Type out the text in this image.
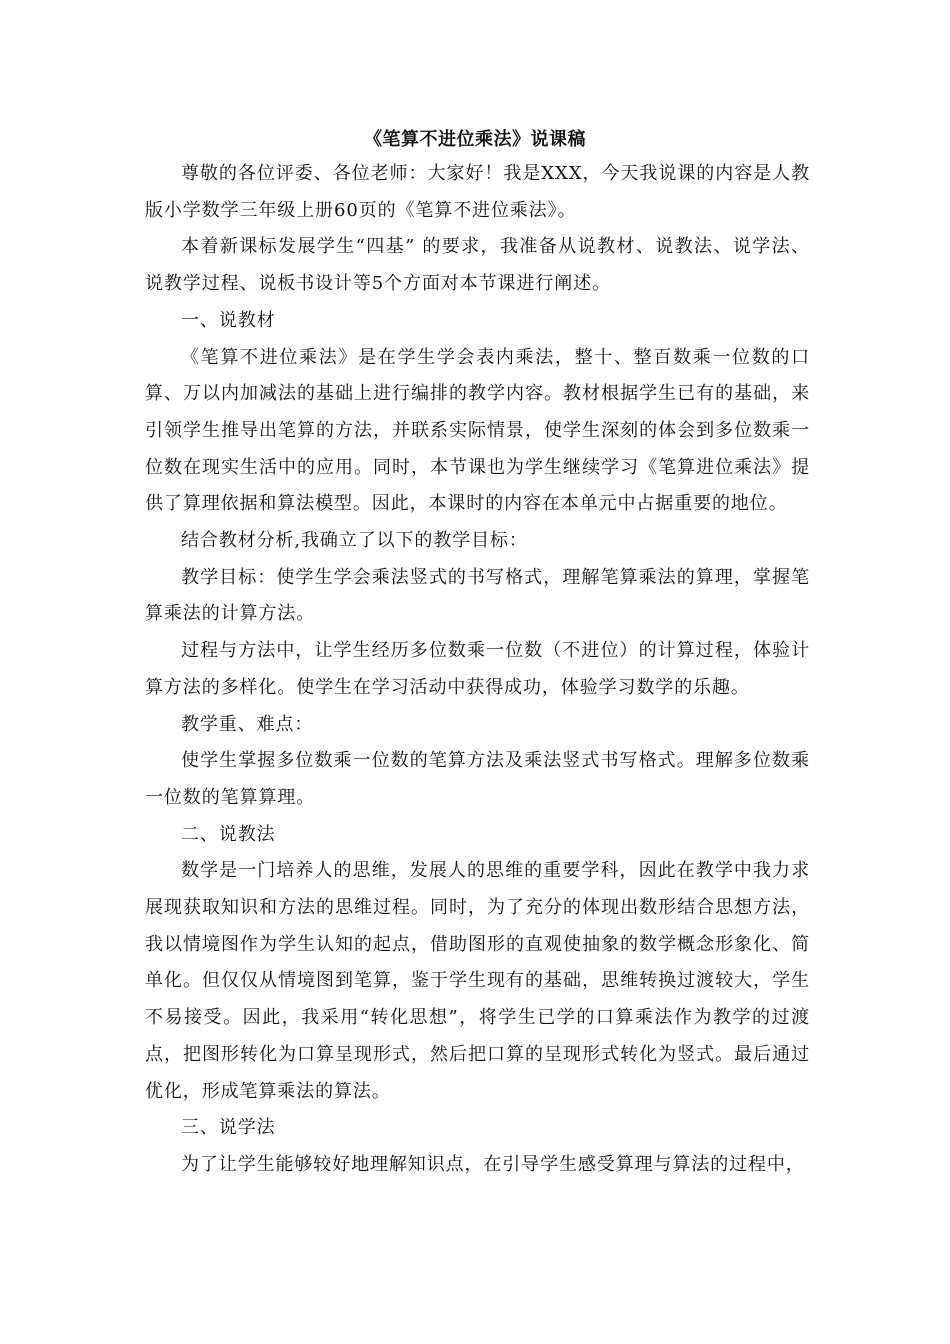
《笔算不进位乘法》说课稿

尊敬的各位评委、各位老师：大家好！我是XXX，今天我说课的内容是人教版小学数学三年级上册60页的《笔算不进位乘法》。

本着新课标发展学生“四基” 的要求，我准备从说教材、说教法、说学法、说教学过程、说板书设计等5个方面对本节课进行阐述。

一、说教材

《笔算不进位乘法》是在学生学会表内乘法，整十、整百数乘一位数的口算、万以内加减法的基础上进行编排的教学内容。教材根据学生已有的基础，来引领学生推导出笔算的方法，并联系实际情景，使学生深刻的体会到多位数乘一位数在现实生活中的应用。同时，本节课也为学生继续学习《笔算进位乘法》提供了算理依据和算法模型。因此，本课时的内容在本单元中占据重要的地位。

结合教材分析,我确立了以下的教学目标：

教学目标：使学生学会乘法竖式的书写格式，理解笔算乘法的算理，掌握笔算乘法的计算方法。

过程与方法中，让学生经历多位数乘一位数（不进位）的计算过程，体验计算方法的多样化。使学生在学习活动中获得成功，体验学习数学的乐趣。

教学重、难点：

使学生掌握多位数乘一位数的笔算方法及乘法竖式书写格式。理解多位数乘一位数的笔算算理。

二、说教法

数学是一门培养人的思维，发展人的思维的重要学科，因此在教学中我力求展现获取知识和方法的思维过程。同时，为了充分的体现出数形结合思想方法，我以情境图作为学生认知的起点，借助图形的直观使抽象的数学概念形象化、简单化。但仅仅从情境图到笔算，鉴于学生现有的基础，思维转换过渡较大，学生不易接受。因此，我采用“转化思想”，将学生已学的口算乘法作为教学的过渡点，把图形转化为口算呈现形式，然后把口算的呈现形式转化为竖式。最后通过优化，形成笔算乘法的算法。

三、说学法

为了让学生能够较好地理解知识点，在引导学生感受算理与算法的过程中，
